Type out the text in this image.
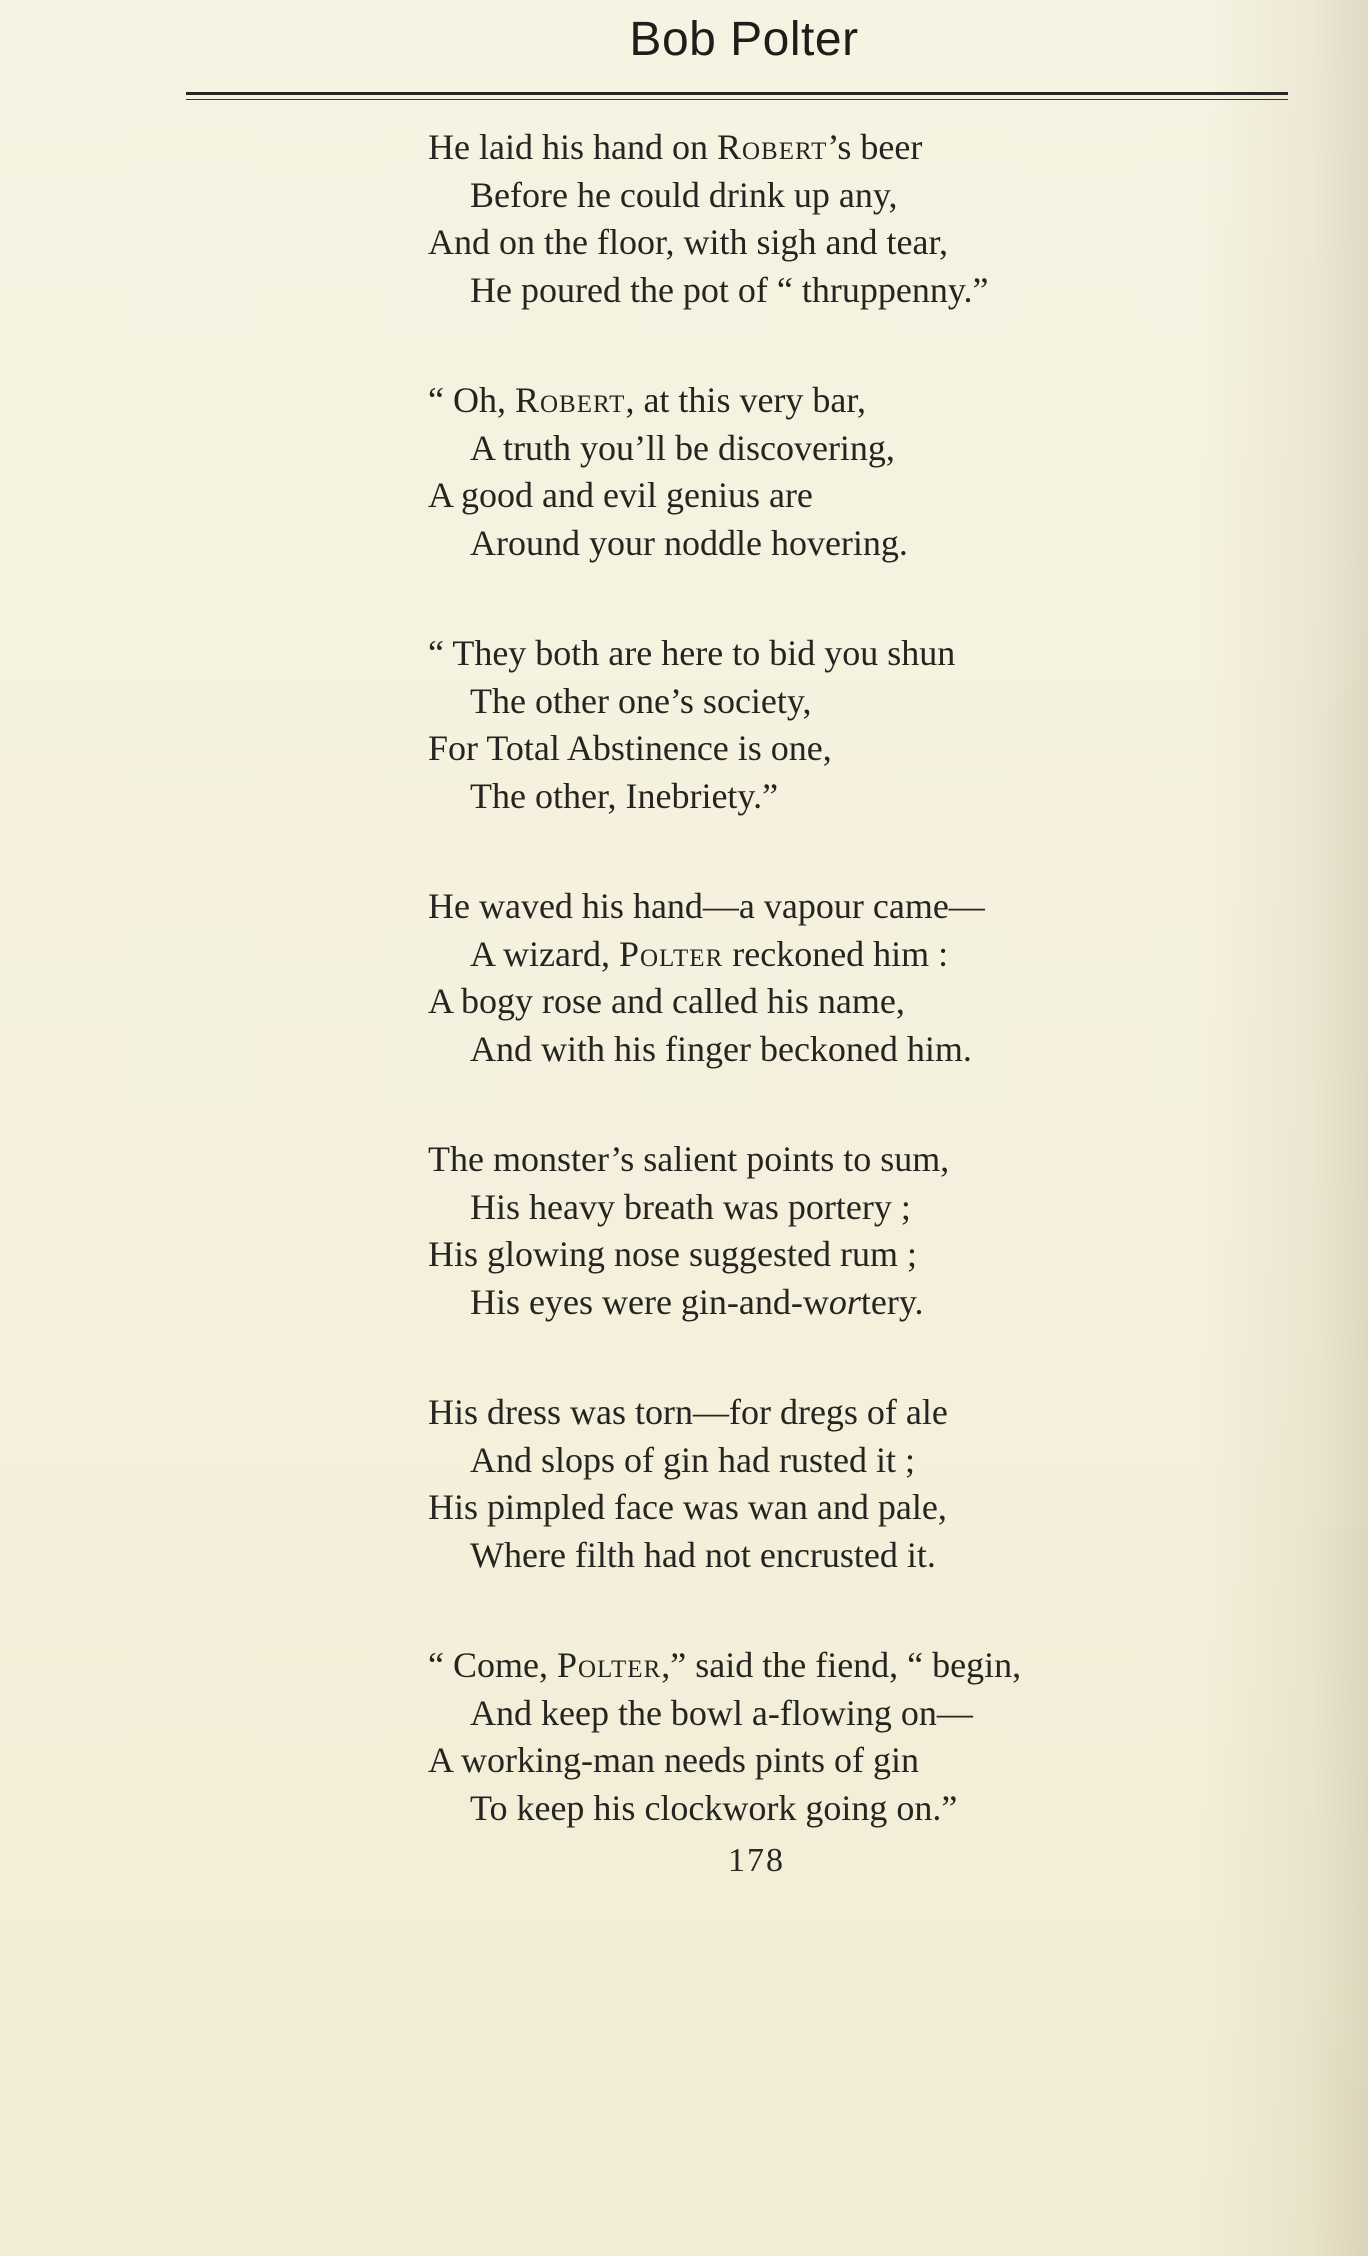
Bob Polter
He laid his hand on Robert’s beer
Before he could drink up any,
And on the floor, with sigh and tear,
He poured the pot of “ thruppenny.”
“ Oh, Robert, at this very bar,
A truth you’ll be discovering,
A good and evil genius are
Around your noddle hovering.
“ They both are here to bid you shun
The other one’s society,
For Total Abstinence is one,
The other, Inebriety.”
He waved his hand—a vapour came—
A wizard, Polter reckoned him :
A bogy rose and called his name,
And with his finger beckoned him.
The monster’s salient points to sum,
His heavy breath was portery ;
His glowing nose suggested rum ;
His eyes were gin-and-wortery.
His dress was torn—for dregs of ale
And slops of gin had rusted it ;
His pimpled face was wan and pale,
Where filth had not encrusted it.
“ Come, Polter,” said the fiend, “ begin,
And keep the bowl a-flowing on—
A working-man needs pints of gin
To keep his clockwork going on.”
178
